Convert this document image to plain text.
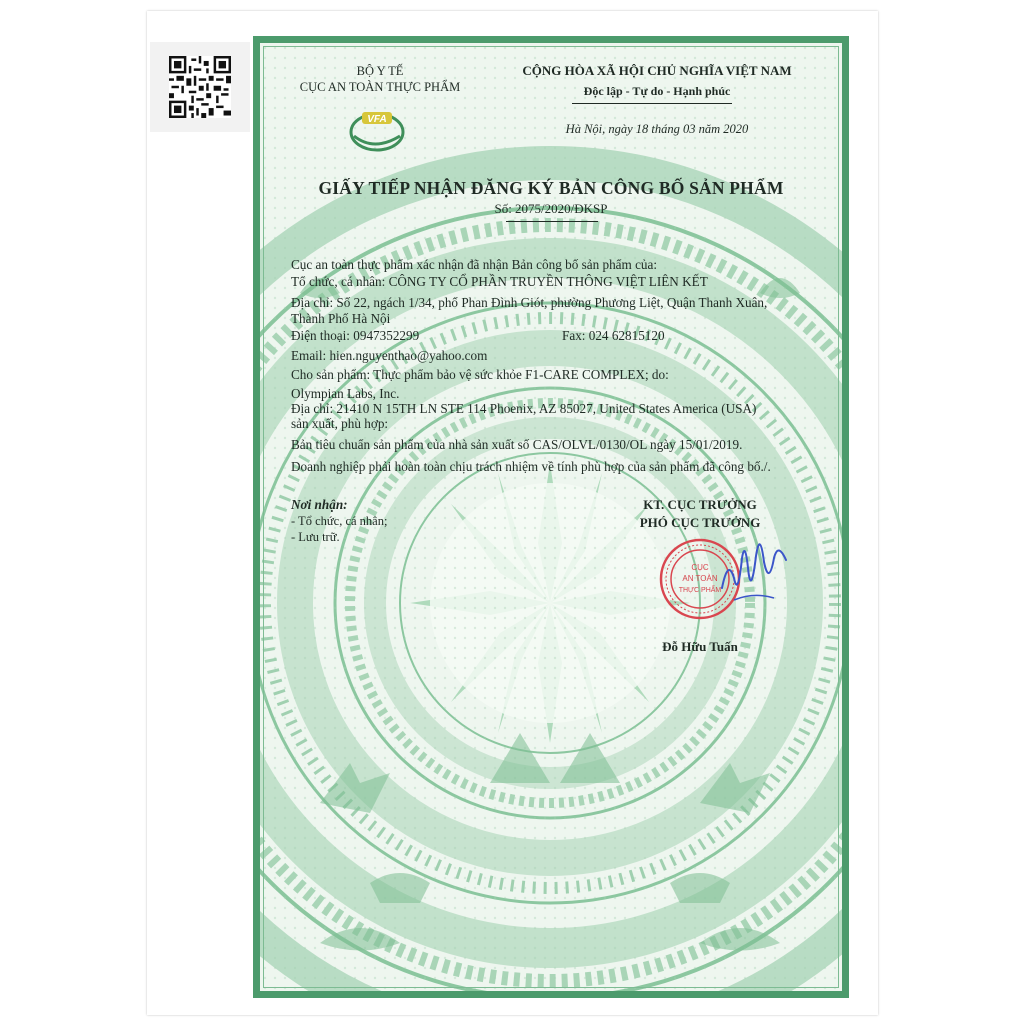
BỘ Y TẾ
CỤC AN TOÀN THỰC PHẨM
VFA
CỘNG HÒA XÃ HỘI CHỦ NGHĨA VIỆT NAM
Độc lập - Tự do - Hạnh phúc
Hà Nội, ngày 18 tháng 03 năm 2020
GIẤY TIẾP NHẬN ĐĂNG KÝ BẢN CÔNG BỐ SẢN PHẨM
Số: 2075/2020/ĐKSP
Cục an toàn thực phẩm xác nhận đã nhận Bản công bố sản phẩm của:
Tổ chức, cá nhân: CÔNG TY CỔ PHẦN TRUYỀN THÔNG VIỆT LIÊN KẾT
Địa chỉ: Số 22, ngách 1/34, phố Phan Đình Giót, phường Phương Liệt, Quận Thanh Xuân,
Thành Phố Hà Nội
Điện thoại: 0947352299	Fax: 024 62815120
Email: hien.nguyenthao@yahoo.com
Cho sản phẩm: Thực phẩm bảo vệ sức khỏe F1-CARE COMPLEX; do:
Olympian Labs, Inc.
Địa chỉ: 21410 N 15TH LN STE 114 Phoenix, AZ 85027, United States America (USA)
sản xuất, phù hợp:
Bản tiêu chuẩn sản phẩm của nhà sản xuất số CAS/OLVL/0130/OL ngày 15/01/2019.
Doanh nghiệp phải hoàn toàn chịu trách nhiệm về tính phù hợp của sản phẩm đã công bố./.
Nơi nhận:
- Tổ chức, cá nhân;
- Lưu trữ.
KT. CỤC TRƯỞNG
PHÓ CỤC TRƯỞNG
CỤC
AN TOÀN
THỰC PHẨM
Đỗ Hữu Tuấn
